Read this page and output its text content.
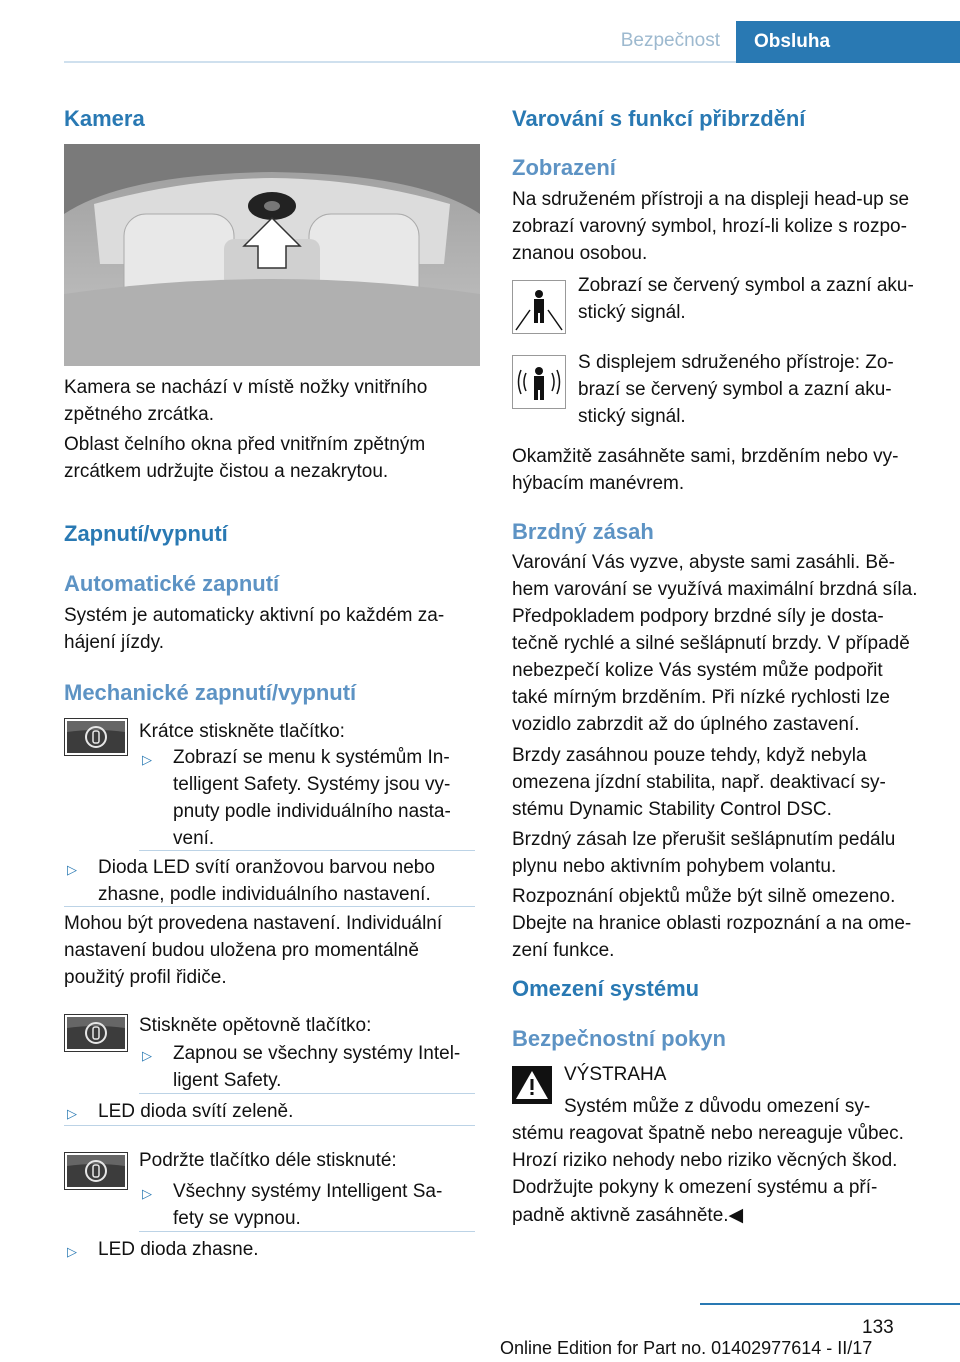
Bezpečnost	Obsluha
Kamera
Kamera se nachází v místě nožky vnitřního
zpětného zrcátka.
Oblast čelního okna před vnitřním zpětným
zrcátkem udržujte čistou a nezakrytou.
Zapnutí/vypnutí
Automatické zapnutí
Systém je automaticky aktivní po každém za-
hájení jízdy.
Mechanické zapnutí/vypnutí
Krátce stiskněte tlačítko:
▷ Zobrazí se menu k systémům In-
telligent Safety. Systémy jsou vy-
pnuty podle individuálního nasta-
vení.
▷ Dioda LED svítí oranžovou barvou nebo
zhasne, podle individuálního nastavení.
Mohou být provedena nastavení. Individuální
nastavení budou uložena pro momentálně
použitý profil řidiče.
Stiskněte opětovně tlačítko:
▷ Zapnou se všechny systémy Intel-
ligent Safety.
▷ LED dioda svítí zeleně.
Podržte tlačítko déle stisknuté:
▷ Všechny systémy Intelligent Sa-
fety se vypnou.
▷ LED dioda zhasne.
Varování s funkcí přibrzdění
Zobrazení
Na sdruženém přístroji a na displeji head-up se
zobrazí varovný symbol, hrozí-li kolize s rozpo-
znanou osobou.
Zobrazí se červený symbol a zazní aku-
stický signál.
S displejem sdruženého přístroje: Zo-
brazí se červený symbol a zazní aku-
stický signál.
Okamžitě zasáhněte sami, brzděním nebo vy-
hýbacím manévrem.
Brzdný zásah
Varování Vás vyzve, abyste sami zasáhli. Bě-
hem varování se využívá maximální brzdná síla.
Předpokladem podpory brzdné síly je dosta-
tečně rychlé a silné sešlápnutí brzdy. V případě
nebezpečí kolize Vás systém může podpořit
také mírným brzděním. Při nízké rychlosti lze
vozidlo zabrzdit až do úplného zastavení.
Brzdy zasáhnou pouze tehdy, když nebyla
omezena jízdní stabilita, např. deaktivací sy-
stému Dynamic Stability Control DSC.
Brzdný zásah lze přerušit sešlápnutím pedálu
plynu nebo aktivním pohybem volantu.
Rozpoznání objektů může být silně omezeno.
Dbejte na hranice oblasti rozpoznání a na ome-
zení funkce.
Omezení systému
Bezpečnostní pokyn
VÝSTRAHA
Systém může z důvodu omezení sy-
stému reagovat špatně nebo nereaguje vůbec.
Hrozí riziko nehody nebo riziko věcných škod.
Dodržujte pokyny k omezení systému a pří-
padně aktivně zasáhněte.◀
133
Online Edition for Part no. 01402977614 - II/17
